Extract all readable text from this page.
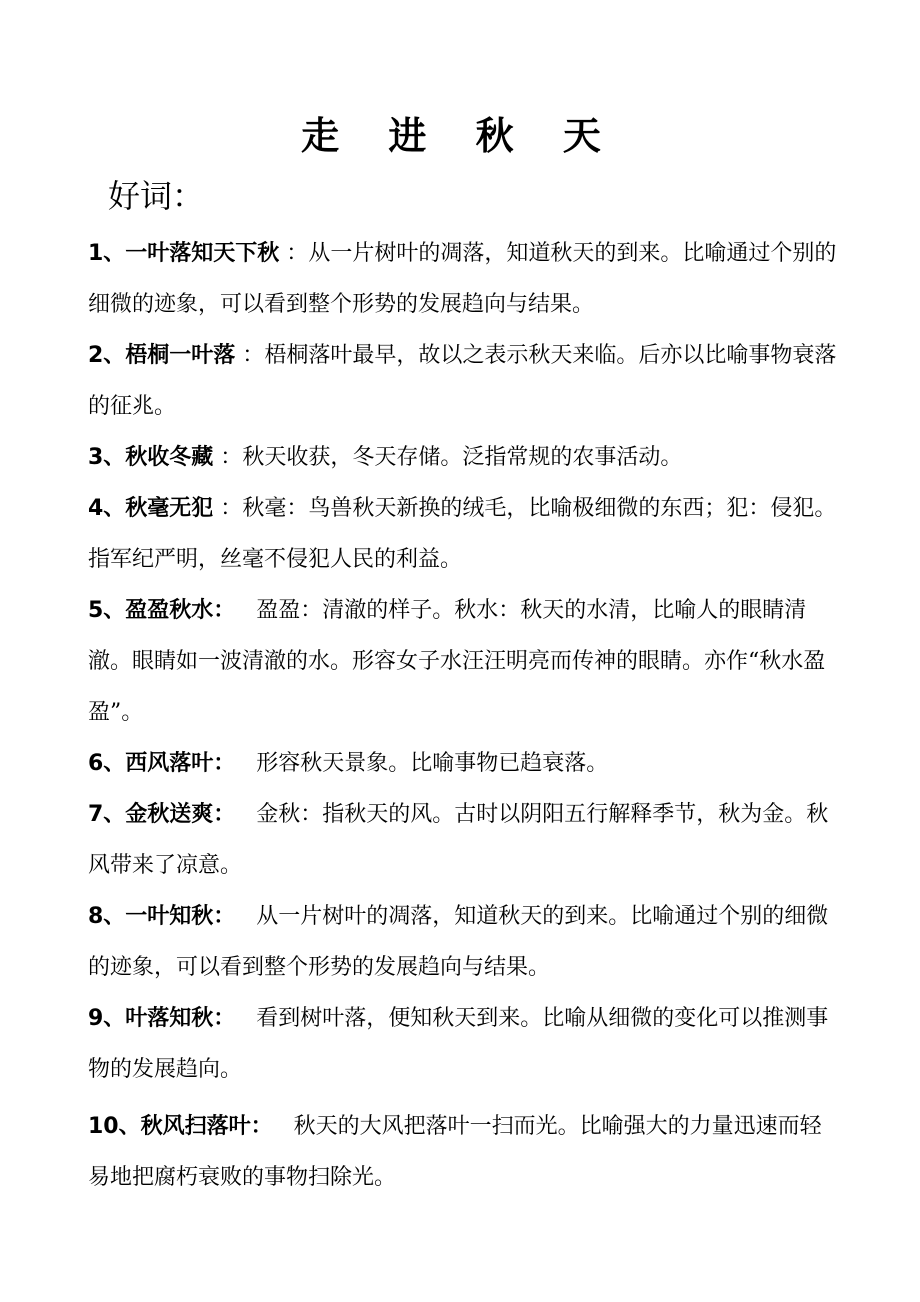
走 进 秋 天
好词：
1、一叶落知天下秋 ：从一片树叶的凋落，知道秋天的到来。比喻通过个别的细微的迹象，可以看到整个形势的发展趋向与结果。
2、梧桐一叶落 ：梧桐落叶最早，故以之表示秋天来临。后亦以比喻事物衰落的征兆。
3、秋收冬藏 ：秋天收获，冬天存储。泛指常规的农事活动。
4、秋毫无犯 ：秋毫：鸟兽秋天新换的绒毛，比喻极细微的东西；犯：侵犯。指军纪严明，丝毫不侵犯人民的利益。
5、盈盈秋水： 盈盈：清澈的样子。秋水：秋天的水清，比喻人的眼睛清澈。眼睛如一波清澈的水。形容女子水汪汪明亮而传神的眼睛。亦作“秋水盈盈”。
6、西风落叶： 形容秋天景象。比喻事物已趋衰落。
7、金秋送爽： 金秋：指秋天的风。古时以阴阳五行解释季节，秋为金。秋风带来了凉意。
8、一叶知秋： 从一片树叶的凋落，知道秋天的到来。比喻通过个别的细微的迹象，可以看到整个形势的发展趋向与结果。
9、叶落知秋： 看到树叶落，便知秋天到来。比喻从细微的变化可以推测事物的发展趋向。
10、秋风扫落叶： 秋天的大风把落叶一扫而光。比喻强大的力量迅速而轻易地把腐朽衰败的事物扫除光。
